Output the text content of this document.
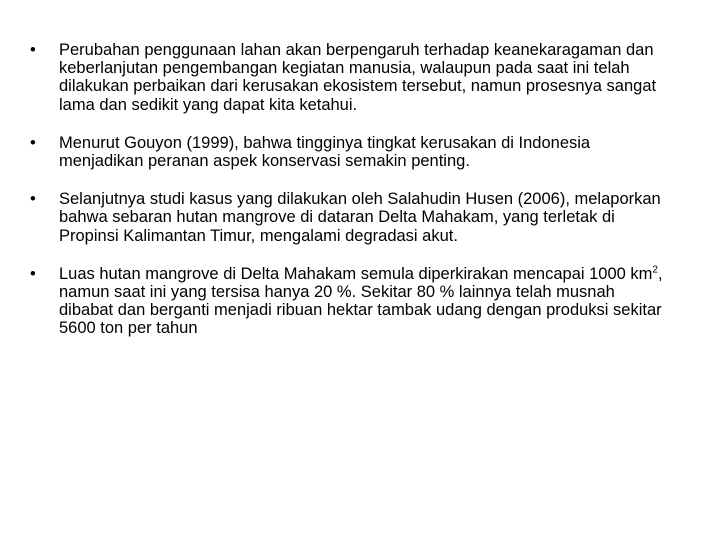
•	Perubahan penggunaan lahan akan berpengaruh terhadap keanekaragaman dan keberlanjutan pengembangan kegiatan manusia, walaupun pada saat ini telah dilakukan perbaikan dari kerusakan ekosistem tersebut, namun prosesnya sangat lama dan sedikit yang dapat kita ketahui.
•	Menurut Gouyon (1999), bahwa tingginya tingkat kerusakan di Indonesia menjadikan peranan aspek konservasi semakin penting.
•	Selanjutnya studi kasus yang dilakukan oleh Salahudin Husen (2006), melaporkan bahwa sebaran hutan mangrove di dataran Delta Mahakam, yang terletak di Propinsi Kalimantan Timur, mengalami degradasi akut.
•	Luas hutan mangrove di Delta Mahakam semula diperkirakan mencapai 1000 $km^2$, namun saat ini yang tersisa hanya 20 %. Sekitar 80 % lainnya telah musnah dibabat dan berganti menjadi ribuan hektar tambak udang dengan produksi sekitar 5600 ton per tahun
